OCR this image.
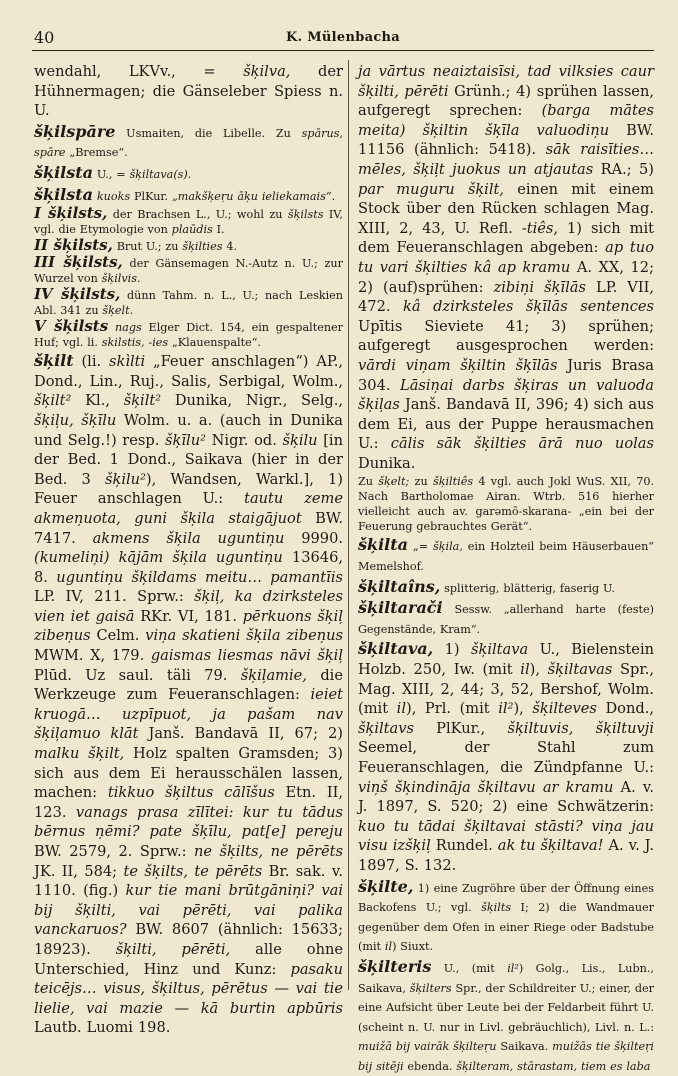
40	K. Mülenbacha

wendahl, LKVv., = šķilva, der Hühnermagen; die Gänseleber Spiess n. U.

šķilspāre Usmaiten, die Libelle. Zu spārus, spāre „Bremse“.

šķilsta U., = šķiltava(s).

šķilsta kuoks PlKur. „makšķeŗu āķu ieliekamais“.

I šķilsts, der Brachsen L., U.; wohl zu šķilsts IV, vgl. die Etymologie von plaūdis I.

II šķilsts, Brut U.; zu šķilties 4.

III šķilsts, der Gänsemagen N.-Autz n. U.; zur Wurzel von šķilvis.

IV šķilsts, dünn Tahm. n. L., U.; nach Leskien Abl. 341 zu šķelt.

V šķilsts nags Elger Dict. 154, ein gespaltener Huf; vgl. li. skilstis, -ies „Klauenspalte“.

šķilt (li. skìlti „Feuer anschlagen“) AP., Dond., Lin., Ruj., Salis, Serbigal, Wolm., šķilt² Kl., šķilt² Dunika, Nigr., Selg., šķiļu, šķīlu Wolm. u. a. (auch in Dunika und Selg.!) resp. šķīlu² Nigr. od. šķilu [in der Bed. 1 Dond., Saikava (hier in der Bed. 3 šķilu²), Wandsen, Warkl.], 1) Feuer anschlagen U.: tautu zeme akmeņuota, guni šķila staigājuot BW. 7417. akmens šķila uguntiņu 9990. (kumeliņi) kājām šķila uguntiņu 13646, 8. uguntiņu šķildams meitu… pamantīis LP. IV, 211. Sprw.: šķiļ, ka dzirksteles vien iet gaisā RKr. VI, 181. pērkuons šķiļ zibeņus Celm. viņa skatieni šķila zibeņus MWM. X, 179. gaismas liesmas nāvi šķiļ Plūd. Uz saul. täli 79. šķiļamie, die Werkzeuge zum Feueranschlagen: ieiet kruogā… uzpīpuot, ja pašam nav šķiļamuo klāt Janš. Bandavā II, 67; 2) malku šķilt, Holz spalten Gramsden; 3) sich aus dem Ei herausschälen lassen, machen: tikkuo šķiltus cālīšus Etn. II, 123. vanags prasa zīlītei: kur tu tādus bērnus ņēmi? pate šķīlu, pat[e] pereju BW. 2579, 2. Sprw.: ne šķilts, ne pērēts JK. II, 584; te šķilts, te pērēts Br. sak. v. 1110. (fig.) kur tie mani brūtgāniņi? vai bij šķilti, vai pērēti, vai palika vanckaruos? BW. 8607 (ähnlich: 15633; 18923). šķilti, pērēti, alle ohne Unterschied, Hinz und Kunz: pasaku teicējs… visus, šķiltus, pērētus — vai tie lielie, vai mazie — kā burtin apbūris Lautb. Luomi 198.

ja vārtus neaiztaisīsi, tad vilksies caur šķilti, pērēti Grünh.; 4) sprühen lassen, aufgeregt sprechen: (barga mātes meita) šķiltin šķīla valuodiņu BW. 11156 (ähnlich: 5418). sāk raisīties… mēles, šķiļt juokus un atjautas RA.; 5) par muguru šķilt, einen mit einem Stock über den Rücken schlagen Mag. XIII, 2, 43, U. Refl. -tiês, 1) sich mit dem Feueranschlagen abgeben: ap tuo tu vari šķilties kâ ap kramu A. XX, 12; 2) (auf)sprühen: zibiņi šķīlās LP. VII, 472. kâ dzirksteles šķīlās sentences Upītis Sieviete 41; 3) sprühen; aufgeregt ausgesprochen werden: vārdi viņam šķiltin šķīlās Juris Brasa 304. Lāsiņai darbs šķiras un valuoda šķiļas Janš. Bandavā II, 396; 4) sich aus dem Ei, aus der Puppe herausmachen U.: cālis sāk šķilties ārā nuo uolas Dunika.

Zu šķelt; zu šķiltiês 4 vgl. auch Jokl WuS. XII, 70. Nach Bartholomae Airan. Wtrb. 516 hierher vielleicht auch av. garəmō-skarana- „ein bei der Feuerung gebrauchtes Gerät“.

šķilta „= šķila, ein Holzteil beim Häuserbauen“ Memelshof.

šķiltaîns, splitterig, blätterig, faserig U.

šķiltarači Sessw. „allerhand harte (feste) Gegenstände, Kram“.

šķiltava, 1) šķiltava U., Bielenstein Holzb. 250, Iw. (mit il), šķiltavas Spr., Mag. XIII, 2, 44; 3, 52, Bershof, Wolm. (mit il), Prl. (mit il²), šķilteves Dond., šķiltavs PlKur., šķiltuvis, šķiltuvji Seemel, der Stahl zum Feueranschlagen, die Zündpfanne U.: viņš šķindināja šķiltavu ar kramu A. v. J. 1897, S. 520; 2) eine Schwätzerin: kuo tu tādai šķiltavai stāsti? viņa jau visu izšķiļ Rundel. ak tu šķiltava! A. v. J. 1897, S. 132.

šķilte, 1) eine Zugröhre über der Öffnung eines Backofens U.; vgl. šķilts I; 2) die Wandmauer gegenüber dem Ofen in einer Riege oder Badstube (mit il) Siuxt.

šķilteris U., (mit il²) Golg., Lis., Lubn., Saikava, šķilters Spr., der Schildreiter U.; einer, der eine Aufsicht über Leute bei der Feldarbeit führt U. (scheint n. U. nur in Livl. gebräuchlich), Livl. n. L.: muižā bij vairāk šķilteŗu Saikava. muižās tie šķilteŗi bij sitēji ebenda. šķilteram, stārastam, tiem es laba
